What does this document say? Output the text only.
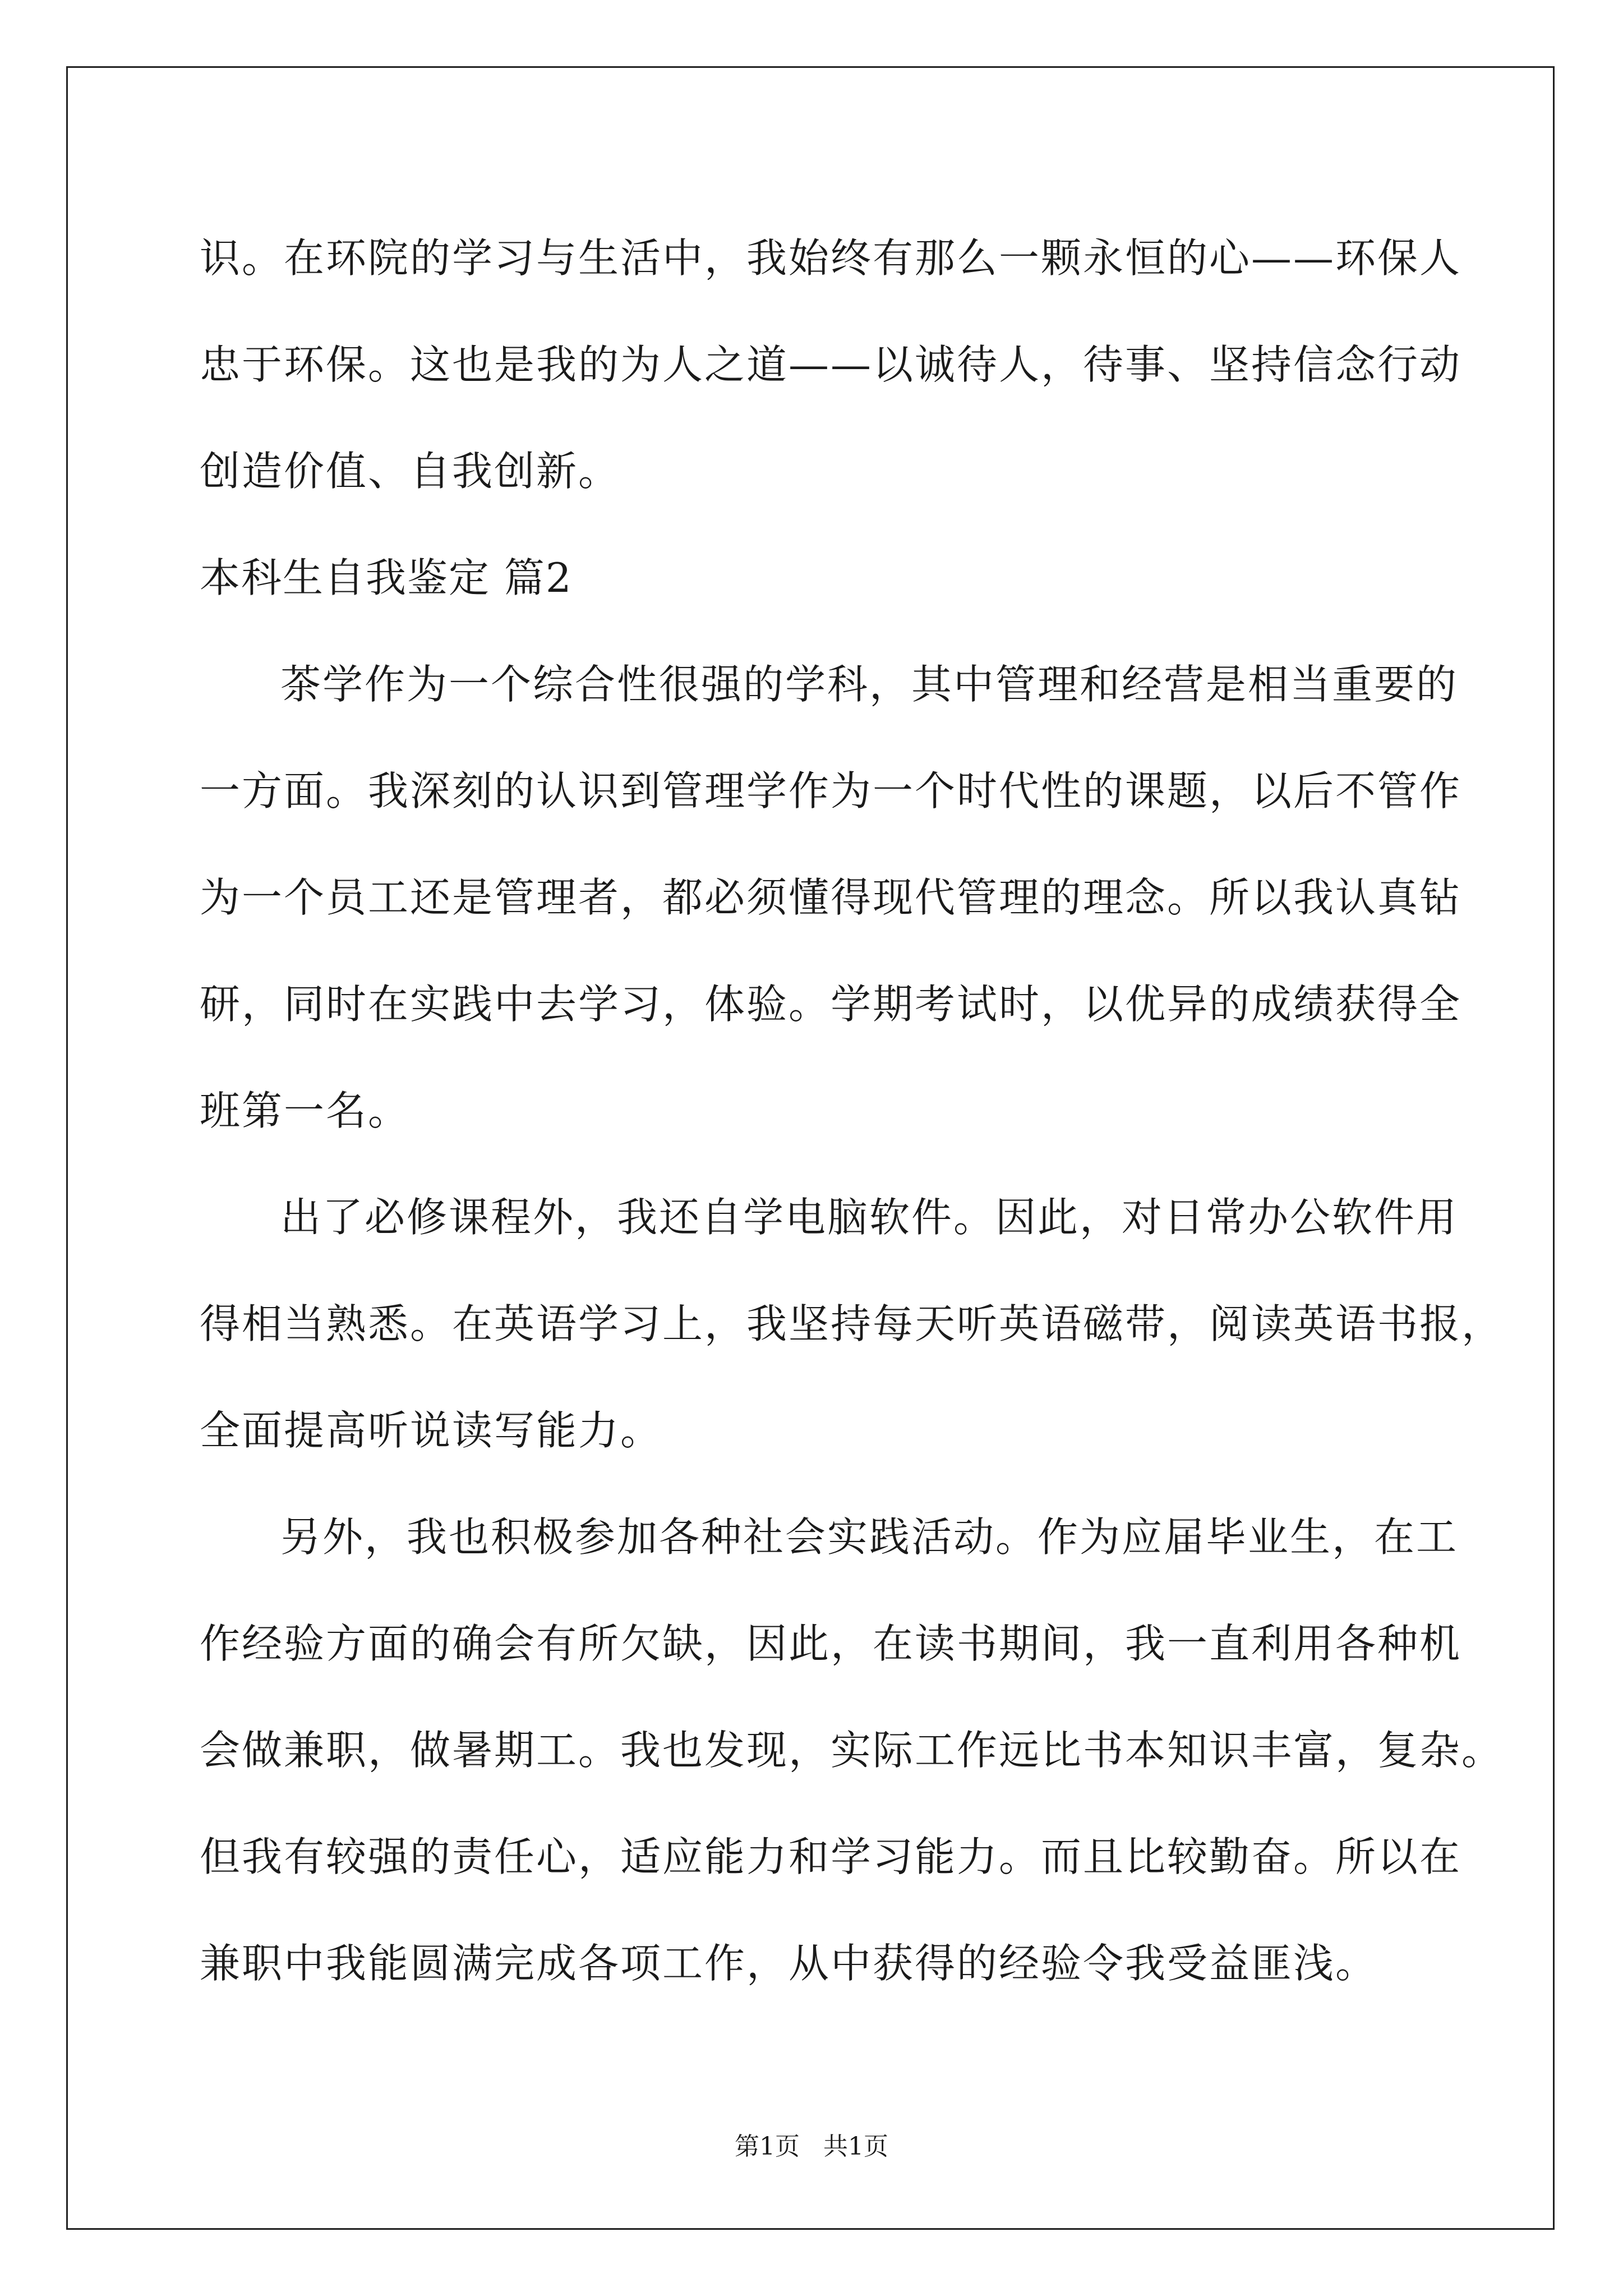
识。在环院的学习与生活中，我始终有那么一颗永恒的心——环保人
忠于环保。这也是我的为人之道——以诚待人，待事、坚持信念行动
创造价值、自我创新。
本科生自我鉴定 篇2
茶学作为一个综合性很强的学科，其中管理和经营是相当重要的
一方面。我深刻的认识到管理学作为一个时代性的课题，以后不管作
为一个员工还是管理者，都必须懂得现代管理的理念。所以我认真钻
研，同时在实践中去学习，体验。学期考试时，以优异的成绩获得全
班第一名。
出了必修课程外，我还自学电脑软件。因此，对日常办公软件用
得相当熟悉。在英语学习上，我坚持每天听英语磁带，阅读英语书报，
全面提高听说读写能力。
另外，我也积极参加各种社会实践活动。作为应届毕业生，在工
作经验方面的确会有所欠缺，因此，在读书期间，我一直利用各种机
会做兼职，做暑期工。我也发现，实际工作远比书本知识丰富，复杂。
但我有较强的责任心，适应能力和学习能力。而且比较勤奋。所以在
兼职中我能圆满完成各项工作，从中获得的经验令我受益匪浅。
第1页   共1页
